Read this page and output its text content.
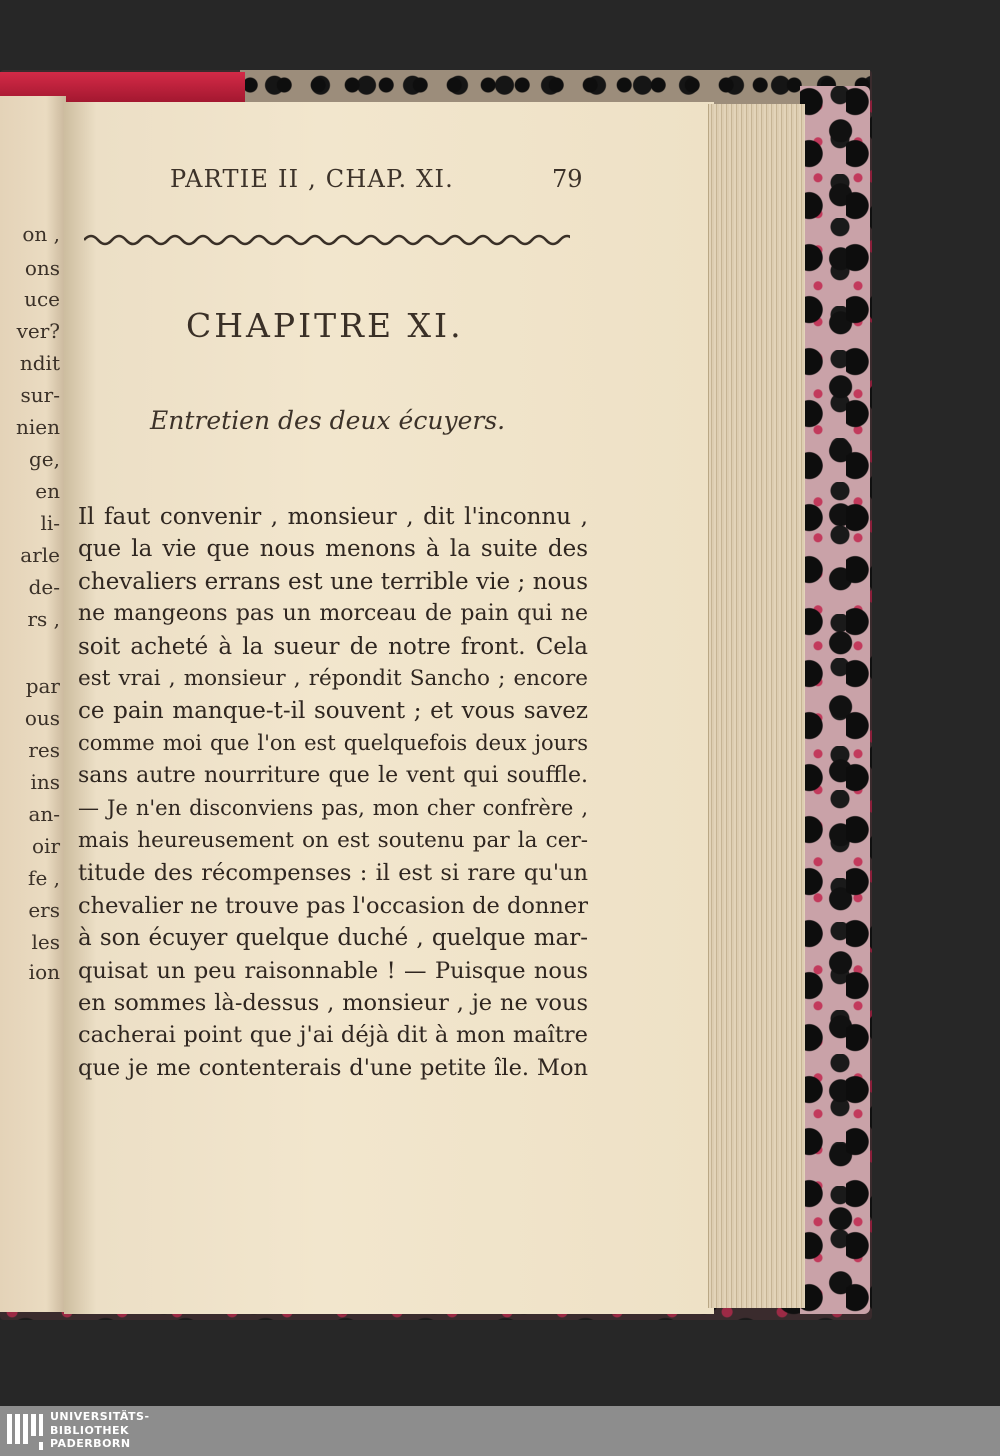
on ,

ons

uce

ver?

ndit

sur-

nien

ge,

en

li-

arle

de-

rs ,

par

ous

res

ins

an-

oir

fe ,

ers

les

ion

PARTIE II , CHAP. XI.	79

CHAPITRE XI.

Entretien des deux écuyers.

Il faut convenir , monsieur , dit l'inconnu ,

que la vie que nous menons à la suite des

chevaliers errans est une terrible vie ; nous

ne mangeons pas un morceau de pain qui ne

soit acheté à la sueur de notre front. Cela

est vrai , monsieur , répondit Sancho ; encore

ce pain manque-t-il souvent ; et vous savez

comme moi que l'on est quelquefois deux jours

sans autre nourriture que le vent qui souffle.

— Je n'en disconviens pas, mon cher confrère ,

mais heureusement on est soutenu par la cer-

titude des récompenses : il est si rare qu'un

chevalier ne trouve pas l'occasion de donner

à son écuyer quelque duché , quelque mar-

quisat un peu raisonnable ! — Puisque nous

en sommes là-dessus , monsieur , je ne vous

cacherai point que j'ai déjà dit à mon maître

que je me contenterais d'une petite île. Mon

UNIVERSITÄTS-
BIBLIOTHEK
PADERBORN
